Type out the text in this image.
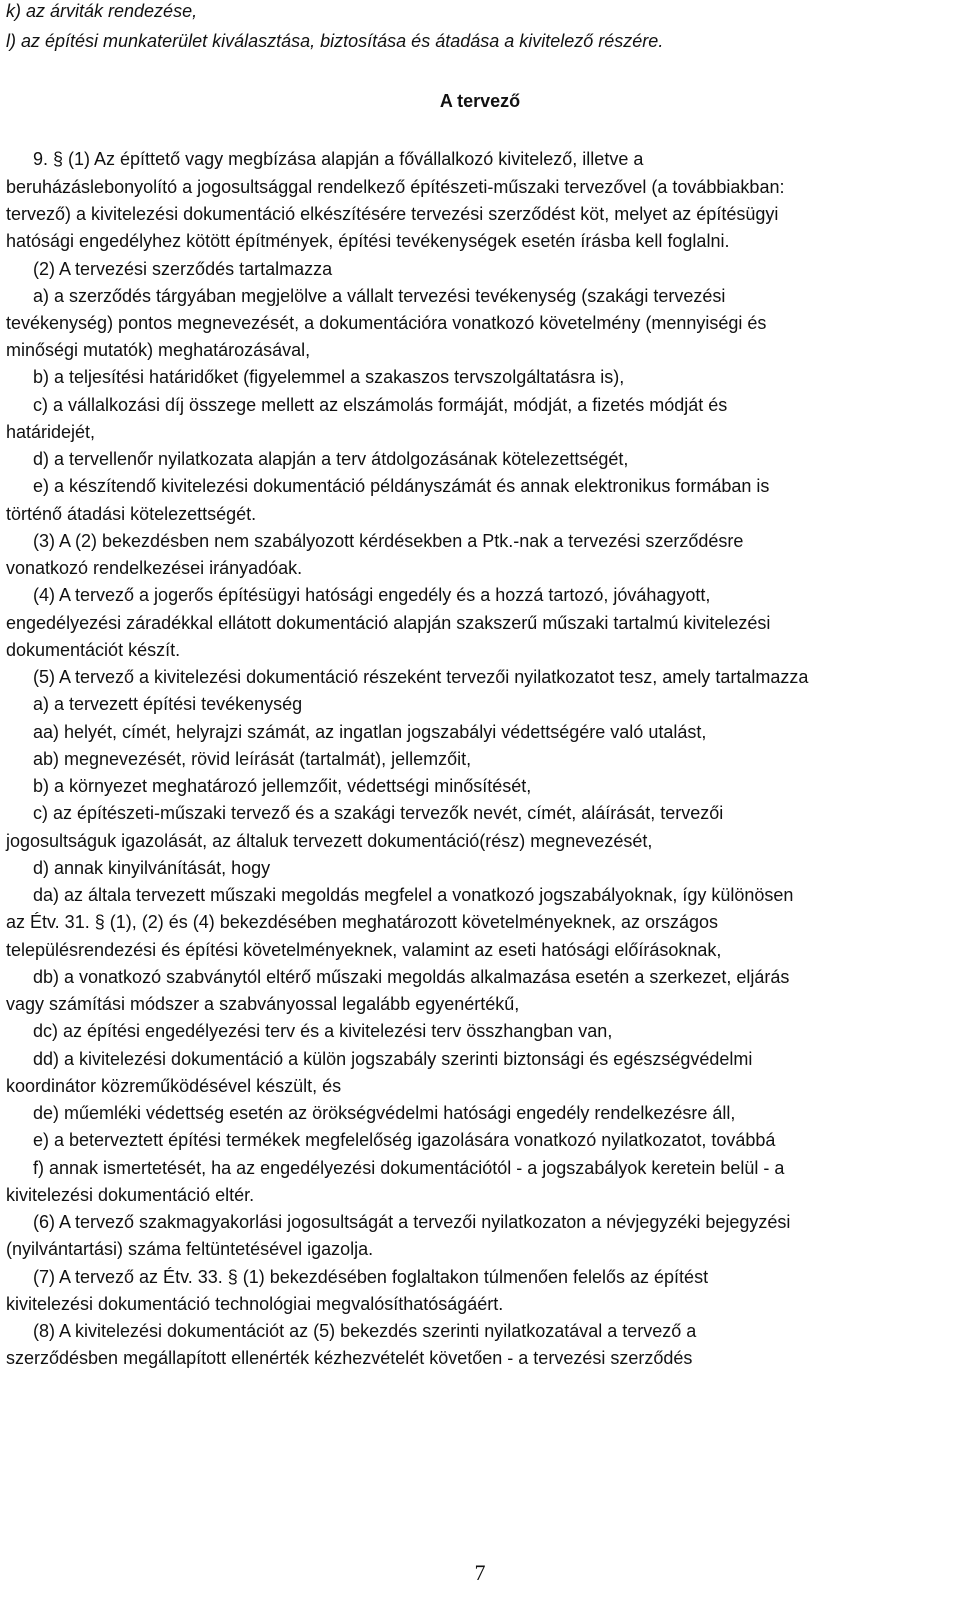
k) az árviták rendezése,
l) az építési munkaterület kiválasztása, biztosítása és átadása a kivitelező részére.
A tervező
9. § (1) Az építtető vagy megbízása alapján a fővállalkozó kivitelező, illetve a
beruházáslebonyolító a jogosultsággal rendelkező építészeti-műszaki tervezővel (a továbbiakban:
tervező) a kivitelezési dokumentáció elkészítésére tervezési szerződést köt, melyet az építésügyi
hatósági engedélyhez kötött építmények, építési tevékenységek esetén írásba kell foglalni.
(2) A tervezési szerződés tartalmazza
a) a szerződés tárgyában megjelölve a vállalt tervezési tevékenység (szakági tervezési
tevékenység) pontos megnevezését, a dokumentációra vonatkozó követelmény (mennyiségi és
minőségi mutatók) meghatározásával,
b) a teljesítési határidőket (figyelemmel a szakaszos tervszolgáltatásra is),
c) a vállalkozási díj összege mellett az elszámolás formáját, módját, a fizetés módját és
határidejét,
d) a tervellenőr nyilatkozata alapján a terv átdolgozásának kötelezettségét,
e) a készítendő kivitelezési dokumentáció példányszámát és annak elektronikus formában is
történő átadási kötelezettségét.
(3) A (2) bekezdésben nem szabályozott kérdésekben a Ptk.-nak a tervezési szerződésre
vonatkozó rendelkezései irányadóak.
(4) A tervező a jogerős építésügyi hatósági engedély és a hozzá tartozó, jóváhagyott,
engedélyezési záradékkal ellátott dokumentáció alapján szakszerű műszaki tartalmú kivitelezési
dokumentációt készít.
(5) A tervező a kivitelezési dokumentáció részeként tervezői nyilatkozatot tesz, amely tartalmazza
a) a tervezett építési tevékenység
aa) helyét, címét, helyrajzi számát, az ingatlan jogszabályi védettségére való utalást,
ab) megnevezését, rövid leírását (tartalmát), jellemzőit,
b) a környezet meghatározó jellemzőit, védettségi minősítését,
c) az építészeti-műszaki tervező és a szakági tervezők nevét, címét, aláírását, tervezői
jogosultságuk igazolását, az általuk tervezett dokumentáció(rész) megnevezését,
d) annak kinyilvánítását, hogy
da) az általa tervezett műszaki megoldás megfelel a vonatkozó jogszabályoknak, így különösen
az Étv. 31. § (1), (2) és (4) bekezdésében meghatározott követelményeknek, az országos
településrendezési és építési követelményeknek, valamint az eseti hatósági előírásoknak,
db) a vonatkozó szabványtól eltérő műszaki megoldás alkalmazása esetén a szerkezet, eljárás
vagy számítási módszer a szabványossal legalább egyenértékű,
dc) az építési engedélyezési terv és a kivitelezési terv összhangban van,
dd) a kivitelezési dokumentáció a külön jogszabály szerinti biztonsági és egészségvédelmi
koordinátor közreműködésével készült, és
de) műemléki védettség esetén az örökségvédelmi hatósági engedély rendelkezésre áll,
e) a beterveztett építési termékek megfelelőség igazolására vonatkozó nyilatkozatot, továbbá
f) annak ismertetését, ha az engedélyezési dokumentációtól - a jogszabályok keretein belül - a
kivitelezési dokumentáció eltér.
(6) A tervező szakmagyakorlási jogosultságát a tervezői nyilatkozaton a névjegyzéki bejegyzési
(nyilvántartási) száma feltüntetésével igazolja.
(7) A tervező az Étv. 33. § (1) bekezdésében foglaltakon túlmenően felelős az építést
kivitelezési dokumentáció technológiai megvalósíthatóságáért.
(8) A kivitelezési dokumentációt az (5) bekezdés szerinti nyilatkozatával a tervező a
szerződésben megállapított ellenérték kézhezvételét követően - a tervezési szerződés
7
